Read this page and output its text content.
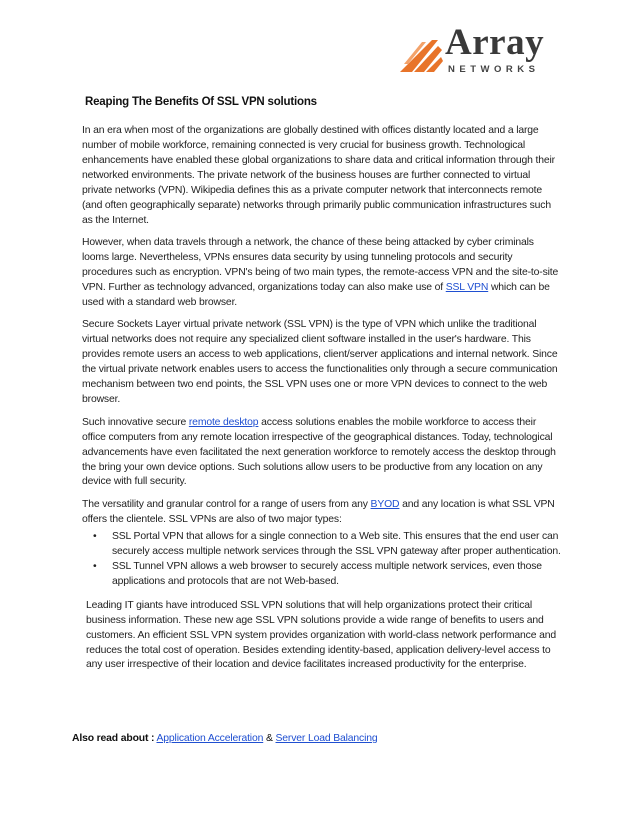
Array
NETWORKS
Reaping The Benefits Of SSL VPN solutions

In an era when most of the organizations are globally destined with offices distantly located and a large number of mobile workforce, remaining connected is very crucial for business growth. Technological enhancements have enabled these global organizations to share data and critical information through their networked environments. The private network of the business houses are further connected to virtual private networks (VPN). Wikipedia defines this as a private computer network that interconnects remote (and often geographically separate) networks through primarily public communication infrastructures such as the Internet.

However, when data travels through a network, the chance of these being attacked by cyber criminals looms large. Nevertheless, VPNs ensures data security by using tunneling protocols and security procedures such as encryption. VPN's being of two main types, the remote-access VPN and the site-to-site VPN. Further as technology advanced, organizations today can also make use of SSL VPN which can be used with a standard web browser.

Secure Sockets Layer virtual private network (SSL VPN) is the type of VPN which unlike the traditional virtual networks does not require any specialized client software installed in the user's hardware. This provides remote users an access to web applications, client/server applications and internal network. Since the virtual private network enables users to access the functionalities only through a secure communication mechanism between two end points, the SSL VPN uses one or more VPN devices to connect to the web browser.

Such innovative secure remote desktop access solutions enables the mobile workforce to access their office computers from any remote location irrespective of the geographical distances. Today, technological advancements have even facilitated the next generation workforce to remotely access the desktop through the bring your own device options. Such solutions allow users to be productive from any location on any device with full security.

The versatility and granular control for a range of users from any BYOD and any location is what SSL VPN offers the clientele. SSL VPNs are also of two major types:

• SSL Portal VPN that allows for a single connection to a Web site. This ensures that the end user can securely access multiple network services through the SSL VPN gateway after proper authentication.
• SSL Tunnel VPN allows a web browser to securely access multiple network services, even those applications and protocols that are not Web-based.

Leading IT giants have introduced SSL VPN solutions that will help organizations protect their critical business information. These new age SSL VPN solutions provide a wide range of benefits to users and customers. An efficient SSL VPN system provides organization with world-class network performance and reduces the total cost of operation. Besides extending identity-based, application delivery-level access to any user irrespective of their location and device facilitates increased productivity for the enterprise.

Also read about : Application Acceleration & Server Load Balancing
